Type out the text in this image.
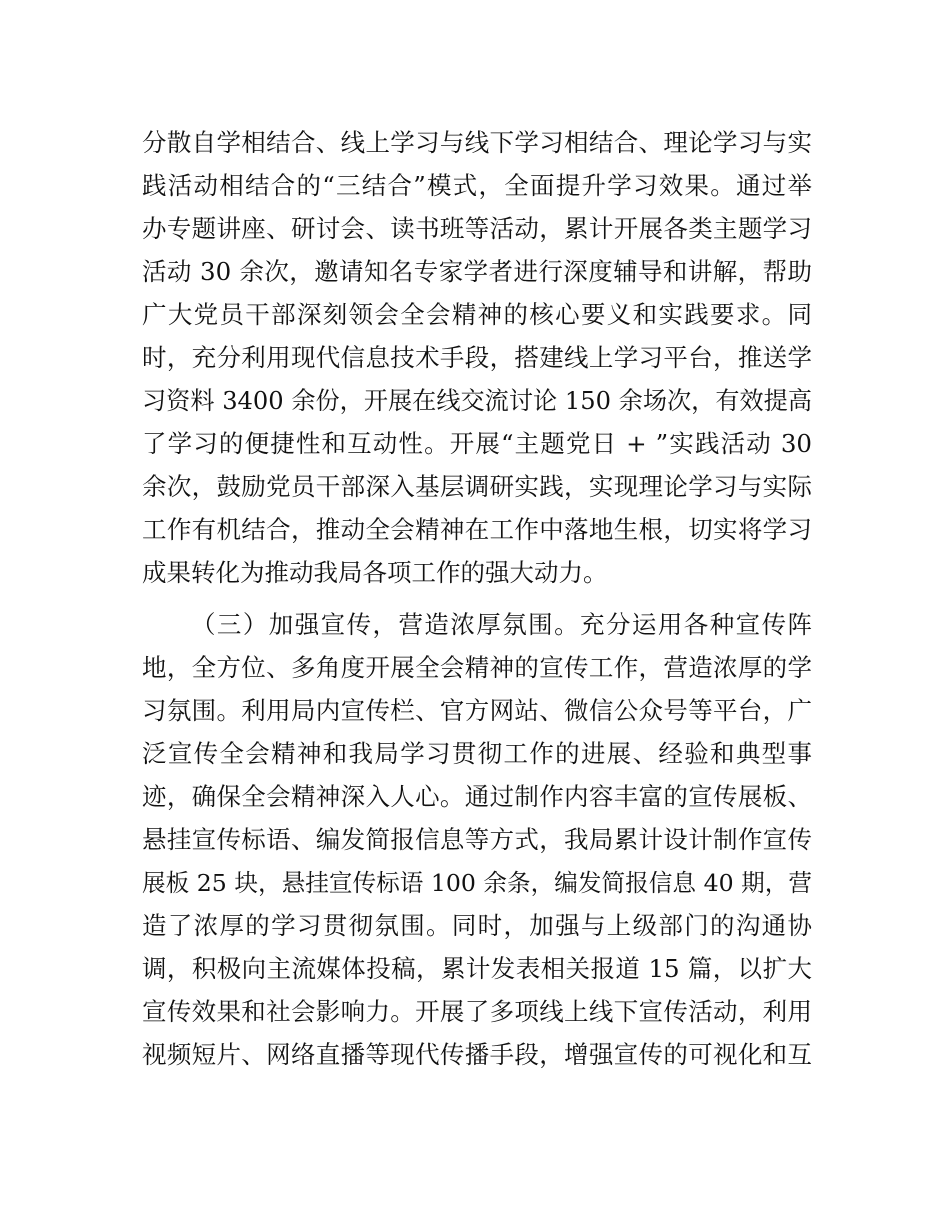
分散自学相结合、线上学习与线下学习相结合、理论学习与实
践活动相结合的“三结合”模式，全面提升学习效果。通过举
办专题讲座、研讨会、读书班等活动，累计开展各类主题学习
活动 30 余次，邀请知名专家学者进行深度辅导和讲解，帮助
广大党员干部深刻领会全会精神的核心要义和实践要求。同
时，充分利用现代信息技术手段，搭建线上学习平台，推送学
习资料 3400 余份，开展在线交流讨论 150 余场次，有效提高
了学习的便捷性和互动性。开展“主题党日 + ”实践活动 30
余次，鼓励党员干部深入基层调研实践，实现理论学习与实际
工作有机结合，推动全会精神在工作中落地生根，切实将学习
成果转化为推动我局各项工作的强大动力。
（三）加强宣传，营造浓厚氛围。充分运用各种宣传阵
地，全方位、多角度开展全会精神的宣传工作，营造浓厚的学
习氛围。利用局内宣传栏、官方网站、微信公众号等平台，广
泛宣传全会精神和我局学习贯彻工作的进展、经验和典型事
迹，确保全会精神深入人心。通过制作内容丰富的宣传展板、
悬挂宣传标语、编发简报信息等方式，我局累计设计制作宣传
展板 25 块，悬挂宣传标语 100 余条，编发简报信息 40 期，营
造了浓厚的学习贯彻氛围。同时，加强与上级部门的沟通协
调，积极向主流媒体投稿，累计发表相关报道 15 篇，以扩大
宣传效果和社会影响力。开展了多项线上线下宣传活动，利用
视频短片、网络直播等现代传播手段，增强宣传的可视化和互
